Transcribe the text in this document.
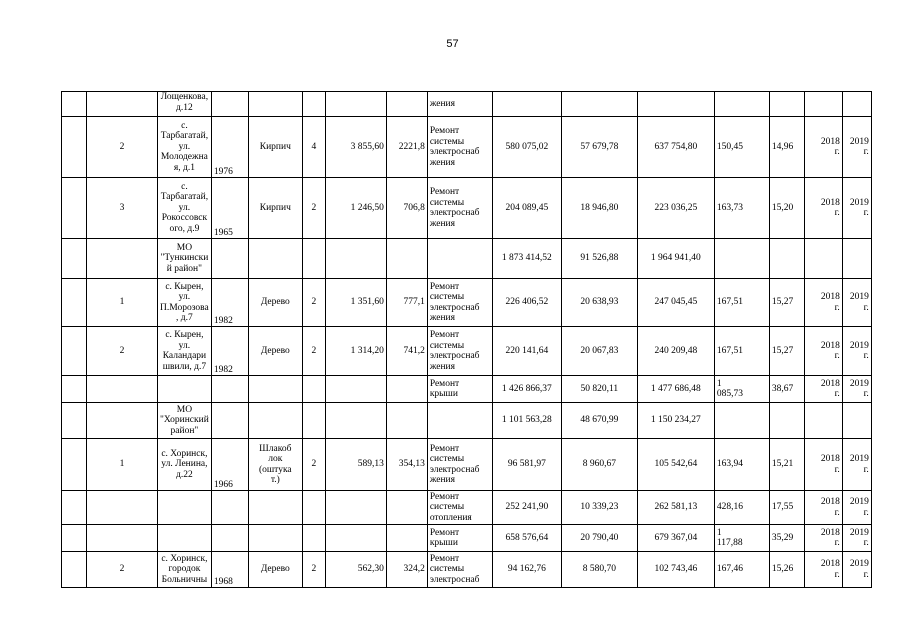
57
		Лощенкова,
д.12						жения							
	2	с.
Тарбагатай,
ул.
Молодежна
я, д.1	1976	Кирпич	4	3 855,60	2221,8	Ремонт
системы
электроснаб
жения	580 075,02	57 679,78	637 754,80	150,45	14,96	2018
г.	2019
г.
	3	с.
Тарбагатай,
ул.
Рокоссовск
ого, д.9	1965	Кирпич	2	1 246,50	706,8	Ремонт
системы
электроснаб
жения	204 089,45	18 946,80	223 036,25	163,73	15,20	2018
г.	2019
г.
		МО
"Тункински
й район"							1 873 414,52	91 526,88	1 964 941,40				
	1	с. Кырен,
ул.
П.Морозова
, д.7	1982	Дерево	2	1 351,60	777,1	Ремонт
системы
электроснаб
жения	226 406,52	20 638,93	247 045,45	167,51	15,27	2018
г.	2019
г.
	2	с. Кырен,
ул.
Каландари
швили, д.7	1982	Дерево	2	1 314,20	741,2	Ремонт
системы
электроснаб
жения	220 141,64	20 067,83	240 209,48	167,51	15,27	2018
г.	2019
г.
								Ремонт
крыши	1 426 866,37	50 820,11	1 477 686,48	1
085,73	38,67	2018
г.	2019
г.
		МО
"Хоринский
район"							1 101 563,28	48 670,99	1 150 234,27				
	1	с. Хоринск,
ул. Ленина,
д.22	1966	Шлакоб
лок
(оштука
т.)	2	589,13	354,13	Ремонт
системы
электроснаб
жения	96 581,97	8 960,67	105 542,64	163,94	15,21	2018
г.	2019
г.
								Ремонт
системы
отопления	252 241,90	10 339,23	262 581,13	428,16	17,55	2018
г.	2019
г.
								Ремонт
крыши	658 576,64	20 790,40	679 367,04	1
117,88	35,29	2018
г.	2019
г.
	2	с. Хоринск,
городок
Больничны	1968	Дерево	2	562,30	324,2	Ремонт
системы
электроснаб	94 162,76	8 580,70	102 743,46	167,46	15,26	2018
г.	2019
г.
